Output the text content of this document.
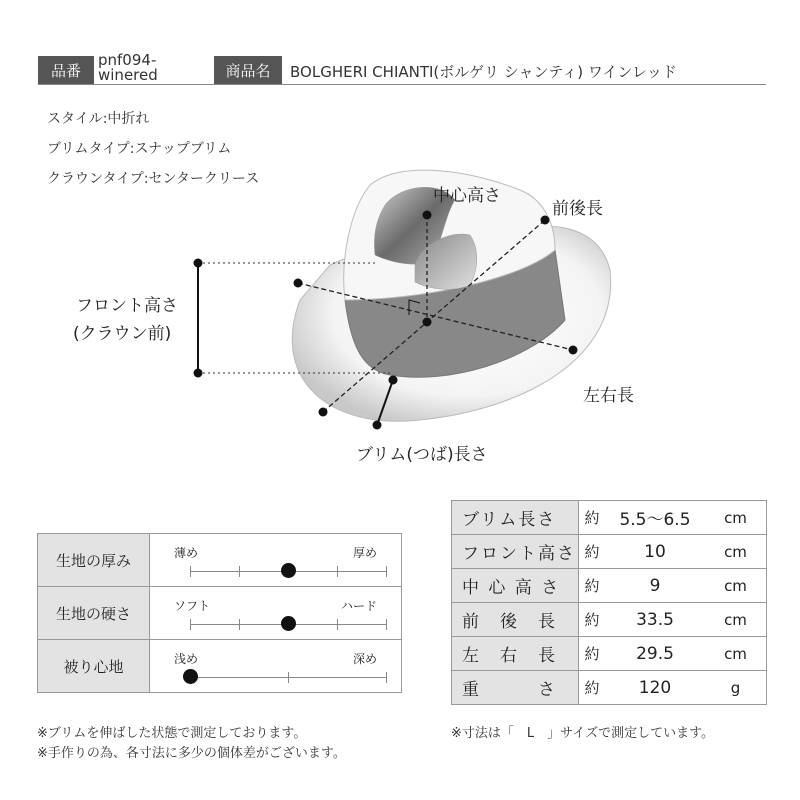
品番
pnf094-
winered	商品名	BOLGHERI CHIANTI(ボルゲリ シャンティ) ワインレッド
スタイル:中折れ
ブリムタイプ:スナップブリム
クラウンタイプ:センタークリース
中心高さ
前後長
フロント高さ
(クラウン前)
左右長
ブリム(つば)長さ
生地の厚み	薄め 厚め

生地の硬さ	ソフト ハード

被り心地	浅め 深め
ブリム長さ	約	5.5〜6.5	cm
フロント高さ	約	10	cm
中 心 高 さ	約	9	cm
前　後　長	約	33.5	cm
左　右　長	約	29.5	cm
重　　　さ	約	120	g
※ブリムを伸ばした状態で測定しております。
※手作りの為、各寸法に多少の個体差がございます。
※寸法は「　L　」サイズで測定しています。
